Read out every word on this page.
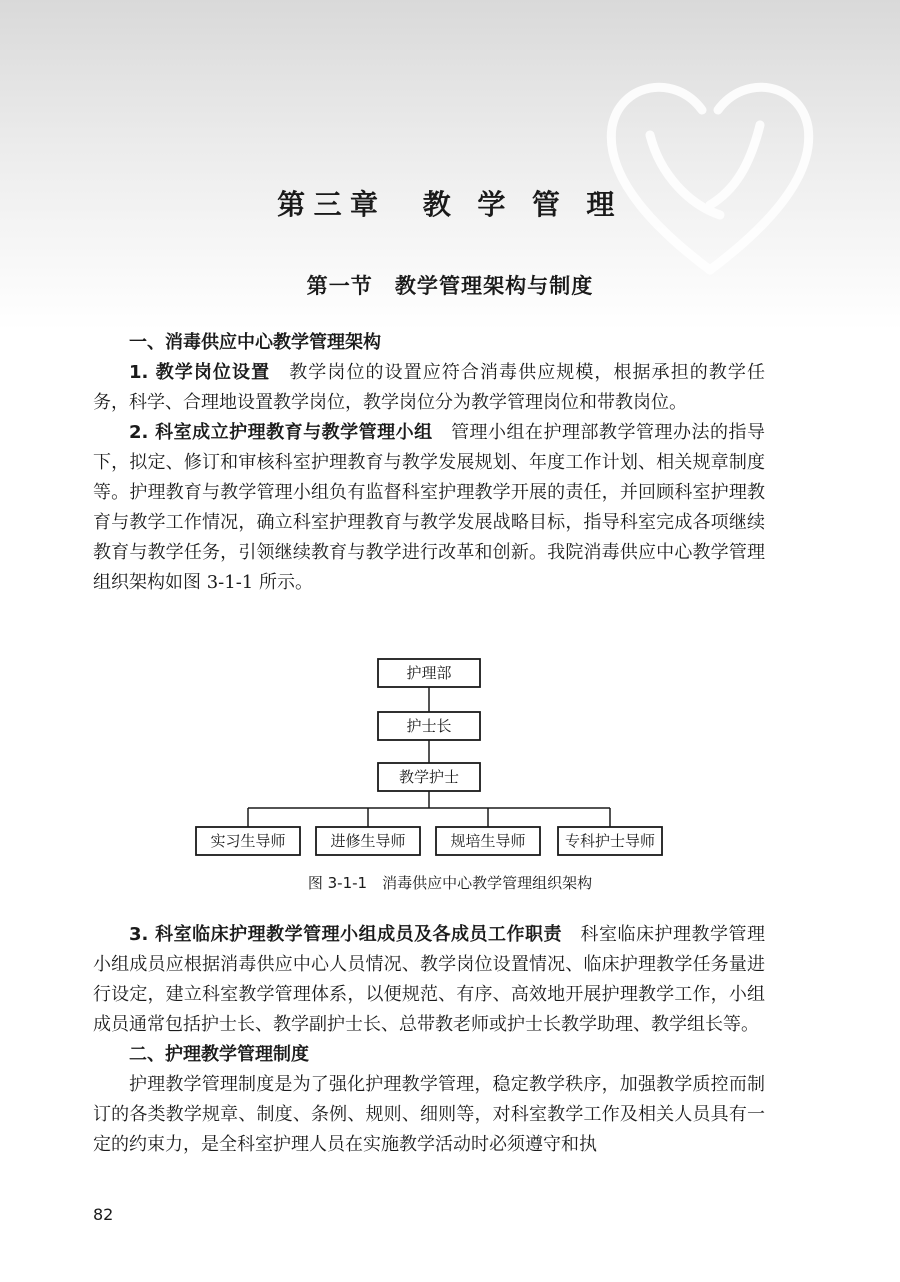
第三章　教 学 管 理
第一节　教学管理架构与制度

一、消毒供应中心教学管理架构

1. 教学岗位设置　 教学岗位的设置应符合消毒供应规模，根据承担的教学任务，科学、合理地设置教学岗位，教学岗位分为教学管理岗位和带教岗位。

2. 科室成立护理教育与教学管理小组　 管理小组在护理部教学管理办法的指导下，拟定、修订和审核科室护理教育与教学发展规划、年度工作计划、相关规章制度等。护理教育与教学管理小组负有监督科室护理教学开展的责任，并回顾科室护理教育与教学工作情况，确立科室护理教育与教学发展战略目标，指导科室完成各项继续教育与教学任务，引领继续教育与教学进行改革和创新。我院消毒供应中心教学管理组织架构如图 3-1-1 所示。

护理部
护士长
教学护士
实习生导师	进修生导师	规培生导师	专科护士导师

图 3-1-1　消毒供应中心教学管理组织架构

3. 科室临床护理教学管理小组成员及各成员工作职责　 科室临床护理教学管理小组成员应根据消毒供应中心人员情况、教学岗位设置情况、临床护理教学任务量进行设定，建立科室教学管理体系，以便规范、有序、高效地开展护理教学工作，小组成员通常包括护士长、教学副护士长、总带教老师或护士长教学助理、教学组长等。

二、护理教学管理制度

护理教学管理制度是为了强化护理教学管理，稳定教学秩序，加强教学质控而制订的各类教学规章、制度、条例、规则、细则等，对科室教学工作及相关人员具有一定的约束力，是全科室护理人员在实施教学活动时必须遵守和执

82
